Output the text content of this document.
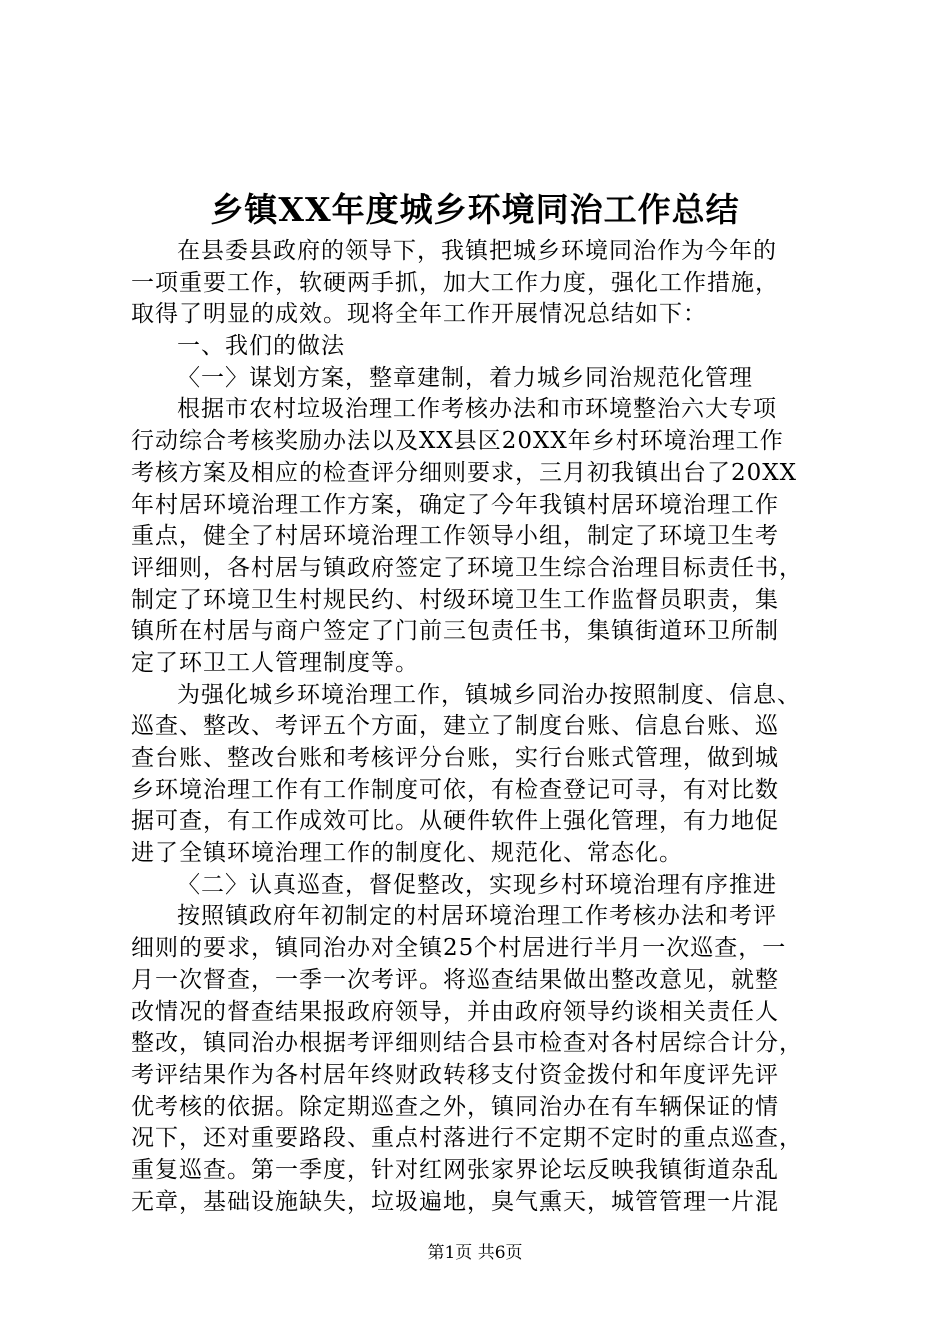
乡镇XX年度城乡环境同治工作总结
在县委县政府的领导下，我镇把城乡环境同治作为今年的
一项重要工作，软硬两手抓，加大工作力度，强化工作措施，
取得了明显的成效。现将全年工作开展情况总结如下：
一、我们的做法
〈一〉谋划方案，整章建制，着力城乡同治规范化管理
根据市农村垃圾治理工作考核办法和市环境整治六大专项
行动综合考核奖励办法以及XX县区20XX年乡村环境治理工作
考核方案及相应的检查评分细则要求，三月初我镇出台了20XX
年村居环境治理工作方案，确定了今年我镇村居环境治理工作
重点，健全了村居环境治理工作领导小组，制定了环境卫生考
评细则，各村居与镇政府签定了环境卫生综合治理目标责任书，
制定了环境卫生村规民约、村级环境卫生工作监督员职责，集
镇所在村居与商户签定了门前三包责任书，集镇街道环卫所制
定了环卫工人管理制度等。
为强化城乡环境治理工作，镇城乡同治办按照制度、信息、
巡查、整改、考评五个方面，建立了制度台账、信息台账、巡
查台账、整改台账和考核评分台账，实行台账式管理，做到城
乡环境治理工作有工作制度可依，有检查登记可寻，有对比数
据可查，有工作成效可比。从硬件软件上强化管理，有力地促
进了全镇环境治理工作的制度化、规范化、常态化。
〈二〉认真巡查，督促整改，实现乡村环境治理有序推进
按照镇政府年初制定的村居环境治理工作考核办法和考评
细则的要求，镇同治办对全镇25个村居进行半月一次巡查，一
月一次督查，一季一次考评。将巡查结果做出整改意见，就整
改情况的督查结果报政府领导，并由政府领导约谈相关责任人
整改，镇同治办根据考评细则结合县市检查对各村居综合计分，
考评结果作为各村居年终财政转移支付资金拨付和年度评先评
优考核的依据。除定期巡查之外，镇同治办在有车辆保证的情
况下，还对重要路段、重点村落进行不定期不定时的重点巡查，
重复巡查。第一季度，针对红网张家界论坛反映我镇街道杂乱
无章，基础设施缺失，垃圾遍地，臭气熏天，城管管理一片混
第1页 共6页
